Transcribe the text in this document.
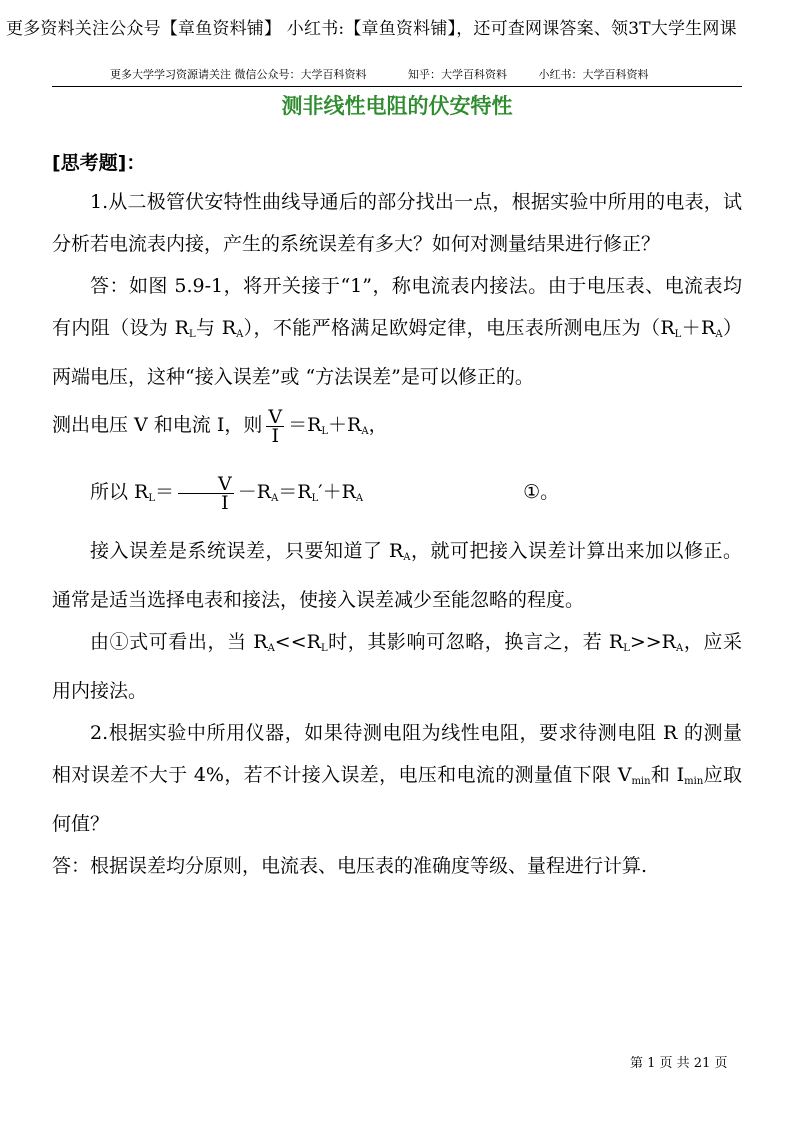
更多资料关注公众号【章鱼资料铺】 小红书:【章鱼资料铺】，还可查网课答案、领3T大学生网课
更多大学学习资源请关注 微信公众号：大学百科资料	知乎：大学百科资料	小红书：大学百科资料
测非线性电阻的伏安特性
[思考题]：

1.从二极管伏安特性曲线导通后的部分找出一点，根据实验中所用的电表，试分析若电流表内接，产生的系统误差有多大？如何对测量结果进行修正？

答：如图 5.9-1，将开关接于“1”，称电流表内接法。由于电压表、电流表均有内阻（设为 $R_L$与 $R_A$），不能严格满足欧姆定律，电压表所测电压为$(R_L+R_A)$两端电压，这种“接入误差”或 “方法误差”是可以修正的。

测出电压 V 和电流 I，则 $\frac{V}{I} =R_L+R_A$，

所以 $R_L= \frac{V}{I} -R_A=R_L'+R_A$	①。

接入误差是系统误差，只要知道了 $R_A$，就可把接入误差计算出来加以修正。通常是适当选择电表和接法，使接入误差减少至能忽略的程度。

由①式可看出，当 $R_A<<R_L$时，其影响可忽略，换言之，若 $R_L>>R_A$，应采用内接法。

2.根据实验中所用仪器，如果待测电阻为线性电阻，要求待测电阻 R 的测量相对误差不大于 4%，若不计接入误差，电压和电流的测量值下限 $V_{min}$和 $I_{min}$应取何值？

答：根据误差均分原则，电流表、电压表的准确度等级、量程进行计算.

第 1 页 共 21 页
